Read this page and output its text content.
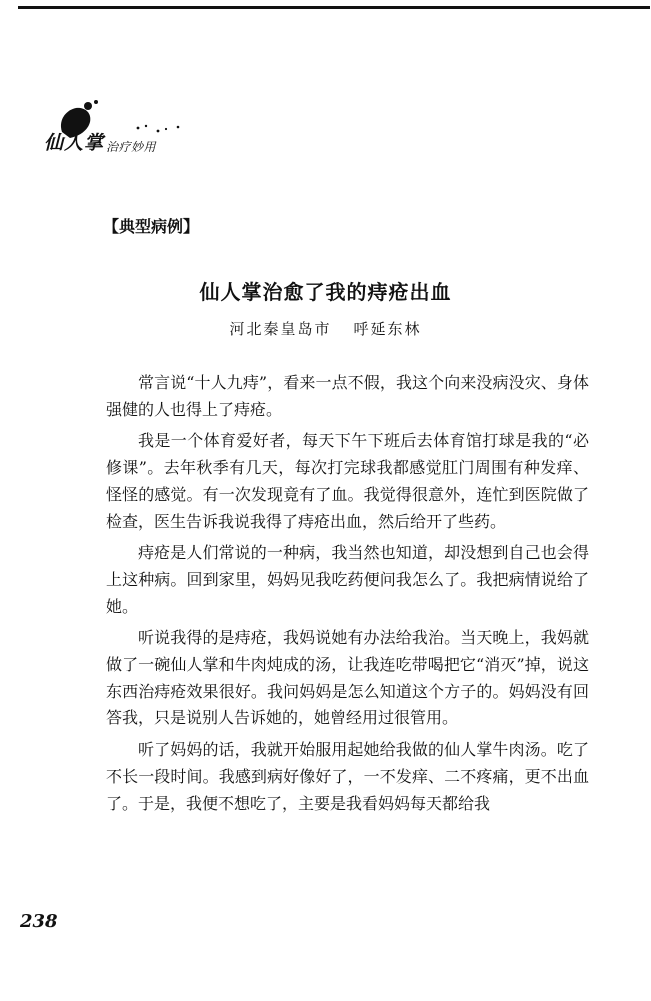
仙人掌 治疗妙用
【典型病例】
仙人掌治愈了我的痔疮出血
河北秦皇岛市 呼延东林

常言说“十人九痔”，看来一点不假，我这个向来没病没灾、身体强健的人也得上了痔疮。

我是一个体育爱好者，每天下午下班后去体育馆打球是我的“必修课”。去年秋季有几天，每次打完球我都感觉肛门周围有种发痒、怪怪的感觉。有一次发现竟有了血。我觉得很意外，连忙到医院做了检查，医生告诉我说我得了痔疮出血，然后给开了些药。

痔疮是人们常说的一种病，我当然也知道，却没想到自己也会得上这种病。回到家里，妈妈见我吃药便问我怎么了。我把病情说给了她。

听说我得的是痔疮，我妈说她有办法给我治。当天晚上，我妈就做了一碗仙人掌和牛肉炖成的汤，让我连吃带喝把它“消灭”掉，说这东西治痔疮效果很好。我问妈妈是怎么知道这个方子的。妈妈没有回答我，只是说别人告诉她的，她曾经用过很管用。

听了妈妈的话，我就开始服用起她给我做的仙人掌牛肉汤。吃了不长一段时间。我感到病好像好了，一不发痒、二不疼痛，更不出血了。于是，我便不想吃了，主要是我看妈妈每天都给我

238
